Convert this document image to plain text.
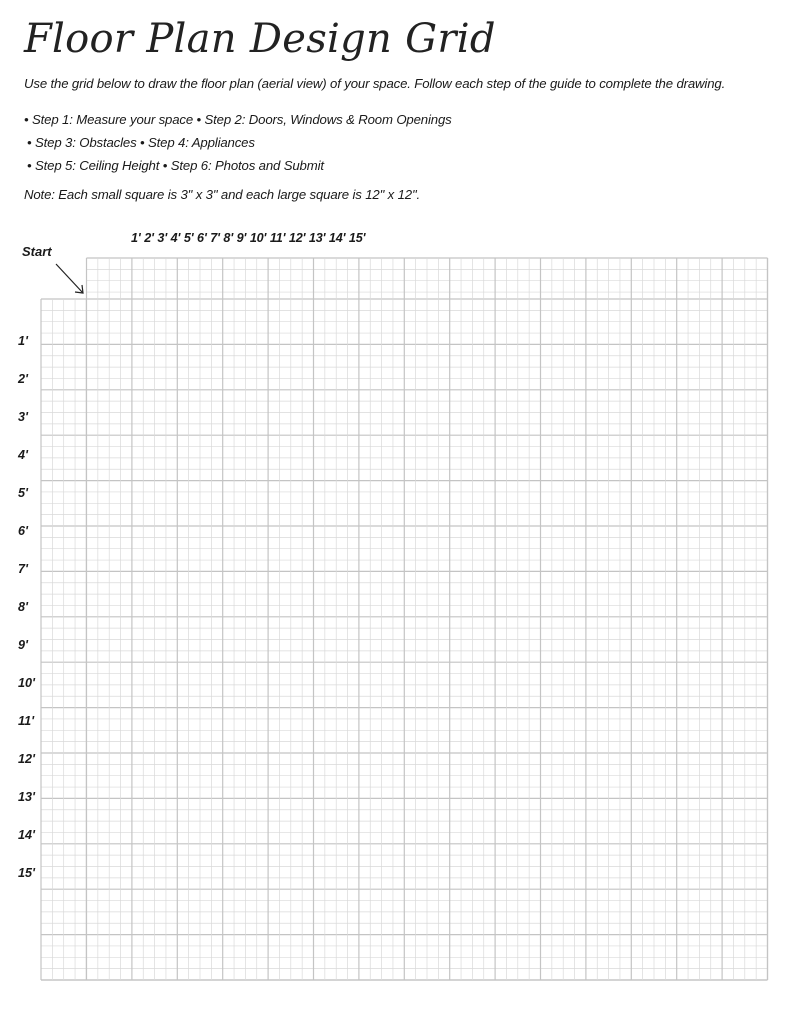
Floor Plan Design Grid

Use the grid below to draw the floor plan (aerial view) of your space. Follow each step of the guide to complete the drawing.

• Step 1: Measure your space • Step 2: Doors, Windows & Room Openings
• Step 3: Obstacles • Step 4: Appliances
• Step 5: Ceiling Height • Step 6: Photos and Submit

Note: Each small square is 3" x 3" and each large square is 12" x 12".

Start
1' 2' 3' 4' 5' 6' 7' 8' 9' 10' 11' 12' 13' 14' 15'
1'
2'
3'
4'
5'
6'
7'
8'
9'
10'
11'
12'
13'
14'
15'
